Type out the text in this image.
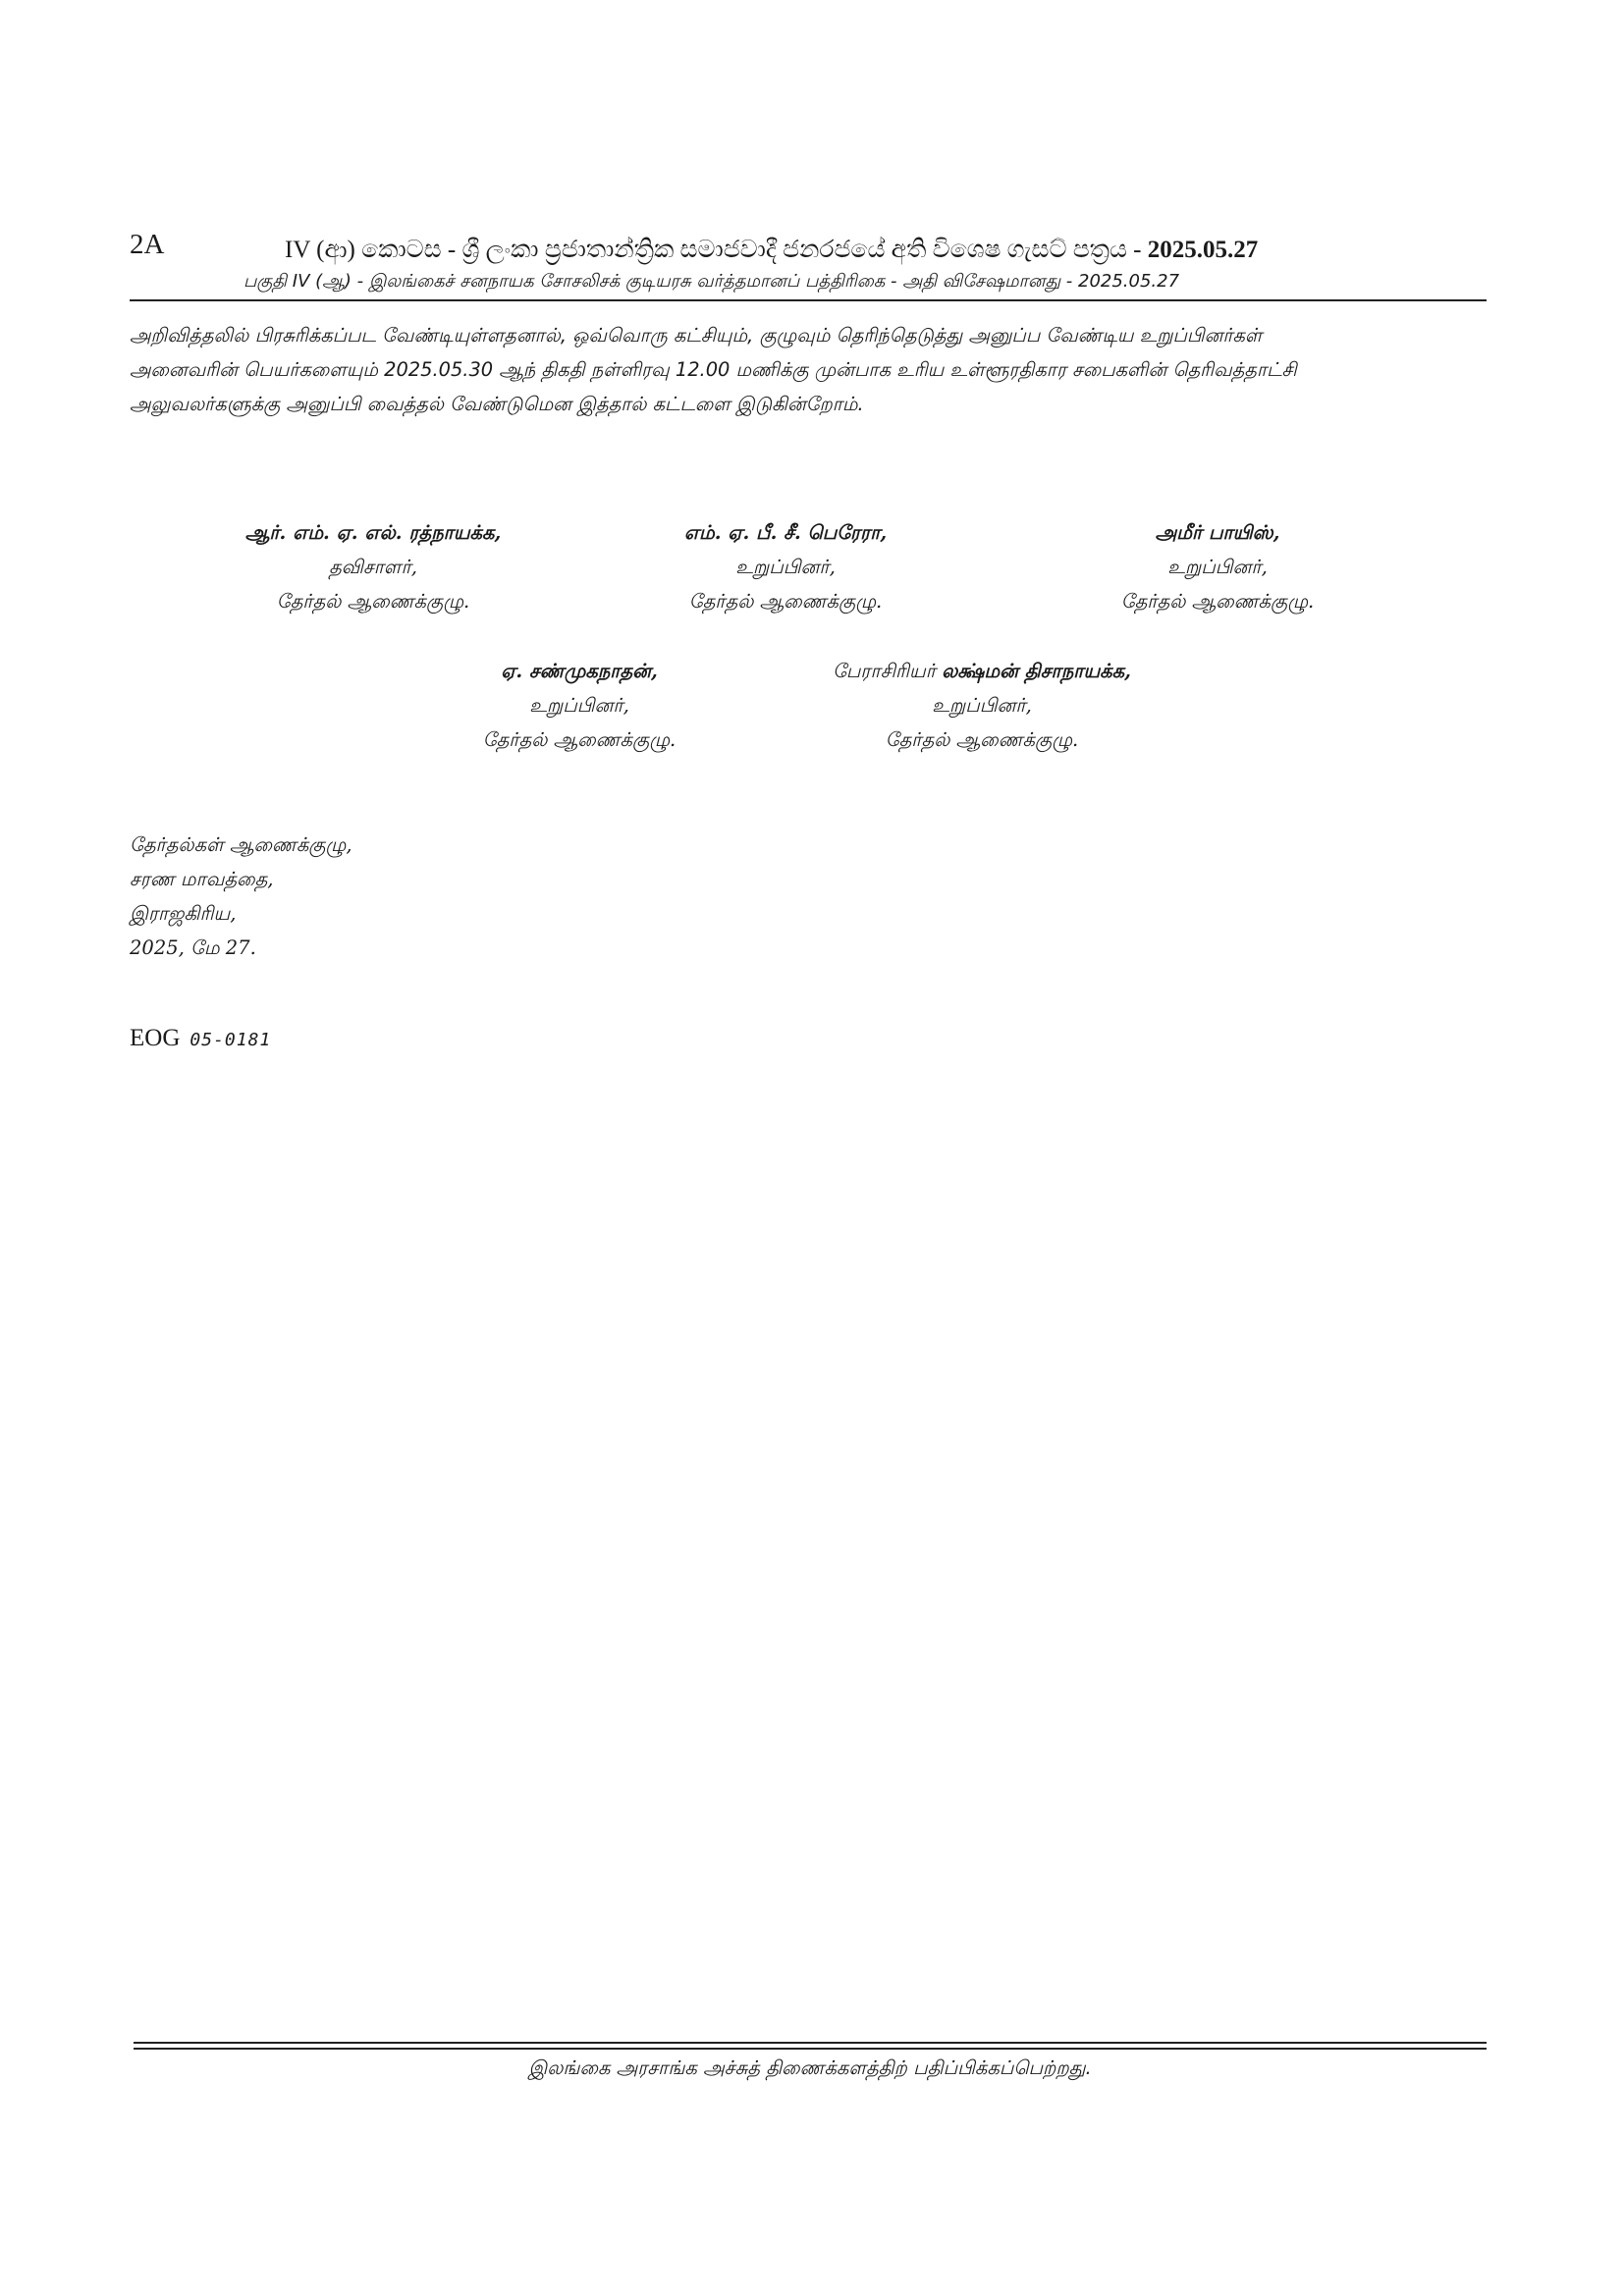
2A	IV (ආ) කොටස - ශ්‍රී ලංකා ප්‍රජාතාන්ත්‍රික සමාජවාදී ජනරජයේ අති විශෙෂ ගැසට් පත්‍රය - 2025.05.27
பகுதி IV (ஆ) - இலங்கைச் சனநாயக சோசலிசக் குடியரசு வர்த்தமானப் பத்திரிகை - அதி விசேஷமானது - 2025.05.27
அறிவித்தலில் பிரசுரிக்கப்பட வேண்டியுள்ளதனால், ஒவ்வொரு கட்சியும், குழுவும் தெரிந்தெடுத்து அனுப்ப வேண்டிய உறுப்பினர்கள்
அனைவரின் பெயர்களையும் 2025.05.30 ஆந் திகதி நள்ளிரவு 12.00 மணிக்கு முன்பாக உரிய உள்ளூரதிகார சபைகளின் தெரிவத்தாட்சி
அலுவலர்களுக்கு அனுப்பி வைத்தல் வேண்டுமென இத்தால் கட்டளை இடுகின்றோம்.
ஆர். எம். ஏ. எல். ரத்நாயக்க,
தவிசாளர்,
தேர்தல் ஆணைக்குழு.
எம். ஏ. பீ. சீ. பெரேரா,
உறுப்பினர்,
தேர்தல் ஆணைக்குழு.
அமீர் பாயிஸ்,
உறுப்பினர்,
தேர்தல் ஆணைக்குழு.
ஏ. சண்முகநாதன்,
உறுப்பினர்,
தேர்தல் ஆணைக்குழு.
பேராசிரியர் லக்ஷ்மன் திசாநாயக்க,
உறுப்பினர்,
தேர்தல் ஆணைக்குழு.
தேர்தல்கள் ஆணைக்குழு,
சரண மாவத்தை,
இராஜகிரிய,
2025, மே 27.
EOG 05-0181
இலங்கை அரசாங்க அச்சுத் திணைக்களத்திற் பதிப்பிக்கப்பெற்றது.
